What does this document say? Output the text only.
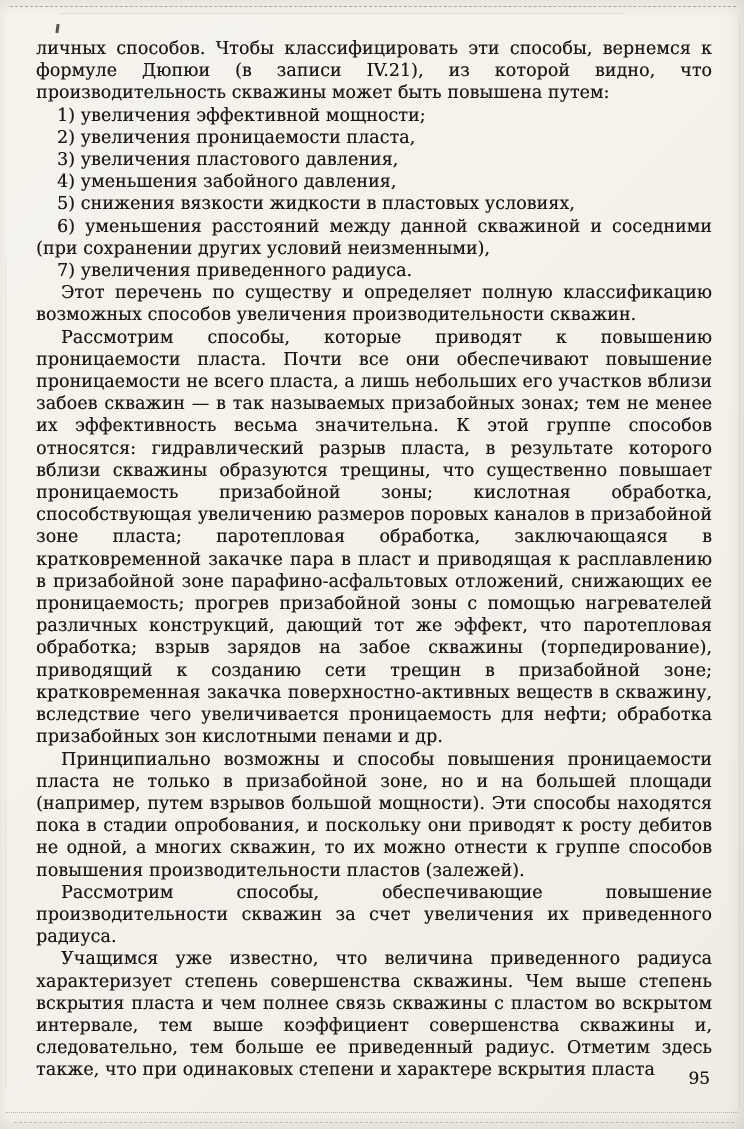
личных способов. Чтобы классифицировать эти способы, вернемся к формуле Дюпюи (в записи IV.21), из которой видно, что производительность скважины может быть повышена путем:

1) увеличения эффективной мощности;

2) увеличения проницаемости пласта,

3) увеличения пластового давления,

4) уменьшения забойного давления,

5) снижения вязкости жидкости в пластовых условиях,

6) уменьшения расстояний между данной скважиной и соседними (при сохранении других условий неизменными),

7) увеличения приведенного радиуса.

Этот перечень по существу и определяет полную классификацию возможных способов увеличения производительности скважин.

Рассмотрим способы, которые приводят к повышению проницаемости пласта. Почти все они обеспечивают повышение проницаемости не всего пласта, а лишь небольших его участков вблизи забоев скважин — в так называемых призабойных зонах; тем не менее их эффективность весьма значительна. К этой группе способов относятся: гидравлический разрыв пласта, в результате которого вблизи скважины образуются трещины, что существенно повышает проницаемость призабойной зоны; кислотная обработка, способствующая увеличению размеров поровых каналов в призабойной зоне пласта; паротепловая обработка, заключающаяся в кратковременной закачке пара в пласт и приводящая к расплавлению в призабойной зоне парафино-асфальтовых отложений, снижающих ее проницаемость; прогрев призабойной зоны с помощью нагревателей различных конструкций, дающий тот же эффект, что паротепловая обработка; взрыв зарядов на забое скважины (торпедирование), приводящий к созданию сети трещин в призабойной зоне; кратковременная закачка поверхностно-активных веществ в скважину, вследствие чего увеличивается проницаемость для нефти; обработка призабойных зон кислотными пенами и др.

Принципиально возможны и способы повышения проницаемости пласта не только в призабойной зоне, но и на большей площади (например, путем взрывов большой мощности). Эти способы находятся пока в стадии опробования, и поскольку они приводят к росту дебитов не одной, а многих скважин, то их можно отнести к группе способов повышения производительности пластов (залежей).

Рассмотрим способы, обеспечивающие повышение производительности скважин за счет увеличения их приведенного радиуса.

Учащимся уже известно, что величина приведенного радиуса характеризует степень совершенства скважины. Чем выше степень вскрытия пласта и чем полнее связь скважины с пластом во вскрытом интервале, тем выше коэффициент совершенства скважины и, следовательно, тем больше ее приведенный радиус. Отметим здесь также, что при одинаковых степени и характере вскрытия пласта	95
